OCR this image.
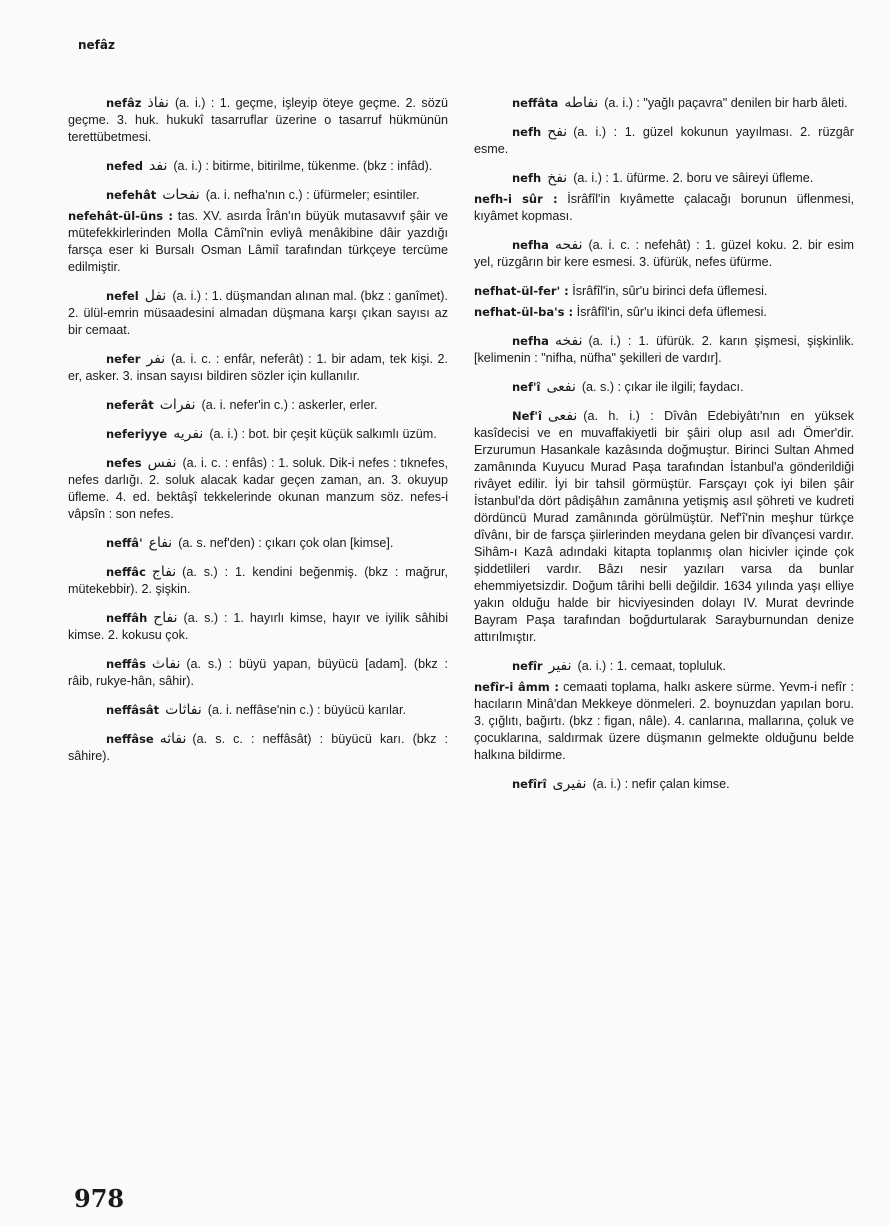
nefâz

nefâz نفاذ (a. i.) : 1. geçme, işleyip öteye geçme. 2. sözü geçme. 3. huk. hukukî tasarruflar üzerine o tasarruf hükmünün terettübetmesi.

nefed نفد (a. i.) : bitirme, bitirilme, tükenme. (bkz : infâd).

nefehât نفحات (a. i. nefha'nın c.) : üfürmeler; esintiler.

nefehât-ül-üns : tas. XV. asırda Îrân'ın büyük mutasavvıf şâir ve mütefekkirlerinden Molla Câmî'nin evliyâ menâkibine dâir yazdığı farsça eser ki Bursalı Osman Lâmiî tarafından türkçeye tercüme edilmiştir.

nefel نفل (a. i.) : 1. düşmandan alınan mal. (bkz : ganîmet). 2. ülül-emrin müsaadesini almadan düşmana karşı çıkan sayısı az bir cemaat.

nefer نفر (a. i. c. : enfâr, neferât) : 1. bir adam, tek kişi. 2. er, asker. 3. insan sayısı bildiren sözler için kullanılır.

neferât نفرات (a. i. nefer'in c.) : askerler, erler.

neferiyye نفريه (a. i.) : bot. bir çeşit küçük salkımlı üzüm.

nefes نفس (a. i. c. : enfâs) : 1. soluk. Dik-i nefes : tıknefes, nefes darlığı. 2. soluk alacak kadar geçen zaman, an. 3. okuyup üfleme. 4. ed. bektâşî tekkelerinde okunan manzum söz. nefes-i vâpsîn : son nefes.

neffâ' نفاع (a. s. nef'den) : çıkarı çok olan [kimse].

neffâc نفاج (a. s.) : 1. kendini beğenmiş. (bkz : mağrur, mütekebbir). 2. şişkin.

neffâh نفاح (a. s.) : 1. hayırlı kimse, hayır ve iyilik sâhibi kimse. 2. kokusu çok.

neffâs نفاث (a. s.) : büyü yapan, büyücü [adam]. (bkz : râib, rukye-hân, sâhir).

neffâsât نفاثات (a. i. neffâse'nin c.) : büyücü karılar.

neffâse نفاثه (a. s. c. : neffâsât) : büyücü karı. (bkz : sâhire).

neffâta نفاطه (a. i.) : "yağlı paçavra" denilen bir harb âleti.

nefh نفح (a. i.) : 1. güzel kokunun yayılması. 2. rüzgâr esme.

nefh نفخ (a. i.) : 1. üfürme. 2. boru ve sâireyi üfleme.

nefh-i sûr : İsrâfîl'in kıyâmette çalacağı borunun üflenmesi, kıyâmet kopması.

nefha نفحه (a. i. c. : nefehât) : 1. güzel koku. 2. bir esim yel, rüzgârın bir kere esmesi. 3. üfürük, nefes üfürme.

nefhat-ül-fer' : İsrâfîl'in, sûr'u birinci defa üflemesi.

nefhat-ül-ba's : İsrâfîl'in, sûr'u ikinci defa üflemesi.

nefha نفخه (a. i.) : 1. üfürük. 2. karın şişmesi, şişkinlik. [kelimenin : "nifha, nüfha" şekilleri de vardır].

nef'î نفعی (a. s.) : çıkar ile ilgili; faydacı.

Nef'î نفعی (a. h. i.) : Dîvân Edebiyâtı'nın en yüksek kasîdecisi ve en muvaffakiyetli bir şâiri olup asıl adı Ömer'dir. Erzurumun Hasankale kazâsında doğmuştur. Birinci Sultan Ahmed zamânında Kuyucu Murad Paşa tarafından İstanbul'a gönderildiği rivâyet edilir. İyi bir tahsil görmüştür. Farsçayı çok iyi bilen şâir İstanbul'da dört pâdişâhın zamânına yetişmiş asıl şöhreti ve kudreti dördüncü Murad zamânında görülmüştür. Nef'î'nin meşhur türkçe dîvânı, bir de farsça şiirlerinden meydana gelen bir dîvançesi vardır. Sihâm-ı Kazâ adındaki kitapta toplanmış olan hicivler içinde çok şiddetlileri vardır. Bâzı nesir yazıları varsa da bunlar ehemmiyetsizdir. Doğum târihi belli değildir. 1634 yılında yaşı elliye yakın olduğu halde bir hicviyesinden dolayı IV. Murat devrinde Bayram Paşa tarafından boğdurtularak Sarayburnundan denize attırılmıştır.

nefîr نفير (a. i.) : 1. cemaat, topluluk.

nefîr-i âmm : cemaati toplama, halkı askere sürme. Yevm-i nefîr : hacıların Minâ'dan Mekkeye dönmeleri. 2. boynuzdan yapılan boru. 3. çığlıtı, bağırtı. (bkz : figan, nâle). 4. canlarına, mallarına, çoluk ve çocuklarına, saldırmak üzere düşmanın gelmekte olduğunu belde halkına bildirme.

nefîrî نفیری (a. i.) : nefir çalan kimse.

978
